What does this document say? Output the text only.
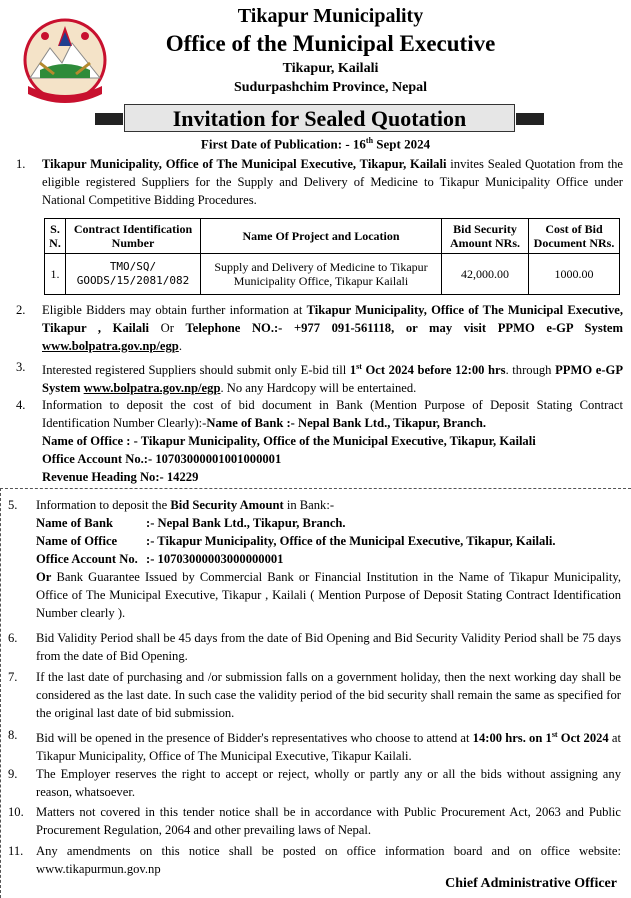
Tikapur Municipality
Office of the Municipal Executive
Tikapur, Kailali
Sudurpashchim Province, Nepal
Invitation for Sealed Quotation
First Date of Publication: - 16th Sept 2024
1. Tikapur Municipality, Office of The Municipal Executive, Tikapur, Kailali invites Sealed Quotation from the eligible registered Suppliers for the Supply and Delivery of Medicine to Tikapur Municipality Office under National Competitive Bidding Procedures.
S. N.	Contract Identification Number	Name Of Project and Location	Bid Security Amount NRs.	Cost of Bid Document NRs.
1.	TMO/SQ/ GOODS/15/2081/082	Supply and Delivery of Medicine to Tikapur Municipality Office, Tikapur Kailali	42,000.00	1000.00
2. Eligible Bidders may obtain further information at Tikapur Municipality, Office of The Municipal Executive, Tikapur , Kailali Or Telephone NO.:- +977 091-561118, or may visit PPMO e-GP System www.bolpatra.gov.np/egp.
3. Interested registered Suppliers should submit only E-bid till 1st Oct 2024 before 12:00 hrs. through PPMO e-GP System www.bolpatra.gov.np/egp. No any Hardcopy will be entertained.
4. Information to deposit the cost of bid document in Bank (Mention Purpose of Deposit Stating Contract Identification Number Clearly):-Name of Bank :- Nepal Bank Ltd., Tikapur, Branch.
Name of Office : - Tikapur Municipality, Office of the Municipal Executive, Tikapur, Kailali
Office Account No.:- 10703000001001000001
Revenue Heading No:- 14229
5. Information to deposit the Bid Security Amount in Bank:-
Name of Bank	:- Nepal Bank Ltd., Tikapur, Branch.
Name of Office :- Tikapur Municipality, Office of the Municipal Executive, Tikapur, Kailali.
Office Account No. :- 10703000003000000001
Or Bank Guarantee Issued by Commercial Bank or Financial Institution in the Name of Tikapur Municipality, Office of The Municipal Executive, Tikapur , Kailali ( Mention Purpose of Deposit Stating Contract Identification Number clearly ).
6. Bid Validity Period shall be 45 days from the date of Bid Opening and Bid Security Validity Period shall be 75 days from the date of Bid Opening.
7. If the last date of purchasing and /or submission falls on a government holiday, then the next working day shall be considered as the last date. In such case the validity period of the bid security shall remain the same as specified for the original last date of bid submission.
8. Bid will be opened in the presence of Bidder's representatives who choose to attend at 14:00 hrs. on 1st Oct 2024 at Tikapur Municipality, Office of The Municipal Executive, Tikapur Kailali.
9. The Employer reserves the right to accept or reject, wholly or partly any or all the bids without assigning any reason, whatsoever.
10. Matters not covered in this tender notice shall be in accordance with Public Procurement Act, 2063 and Public Procurement Regulation, 2064 and other prevailing laws of Nepal.
11. Any amendments on this notice shall be posted on office information board and on office website: www.tikapurmun.gov.np
Chief Administrative Officer
